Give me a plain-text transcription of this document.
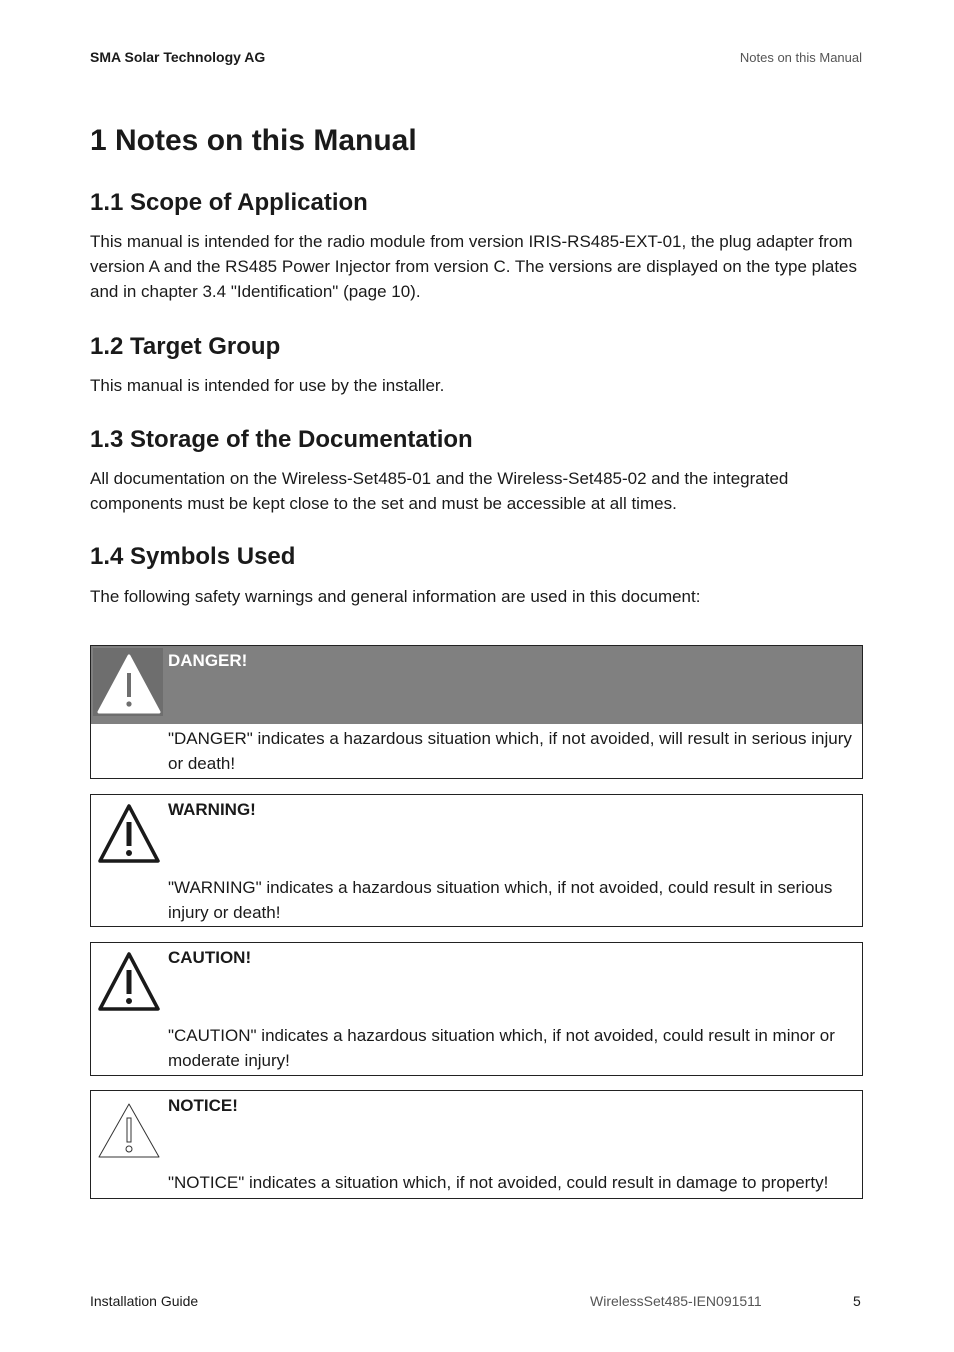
SMA Solar Technology AG	Notes on this Manual
1 Notes on this Manual
1.1 Scope of Application

This manual is intended for the radio module from version IRIS-RS485-EXT-01, the plug adapter from version A and the RS485 Power Injector from version C. The versions are displayed on the type plates and in chapter 3.4 "Identification" (page 10).

1.2 Target Group

This manual is intended for use by the installer.

1.3 Storage of the Documentation

All documentation on the Wireless-Set485-01 and the Wireless-Set485-02 and the integrated components must be kept close to the set and must be accessible at all times.

1.4 Symbols Used

The following safety warnings and general information are used in this document:

DANGER!

"DANGER" indicates a hazardous situation which, if not avoided, will result in serious injury or death!

WARNING!

"WARNING" indicates a hazardous situation which, if not avoided, could result in serious injury or death!

CAUTION!

"CAUTION" indicates a hazardous situation which, if not avoided, could result in minor or moderate injury!

NOTICE!

"NOTICE" indicates a situation which, if not avoided, could result in damage to property!

Installation Guide	WirelessSet485-IEN091511	5
